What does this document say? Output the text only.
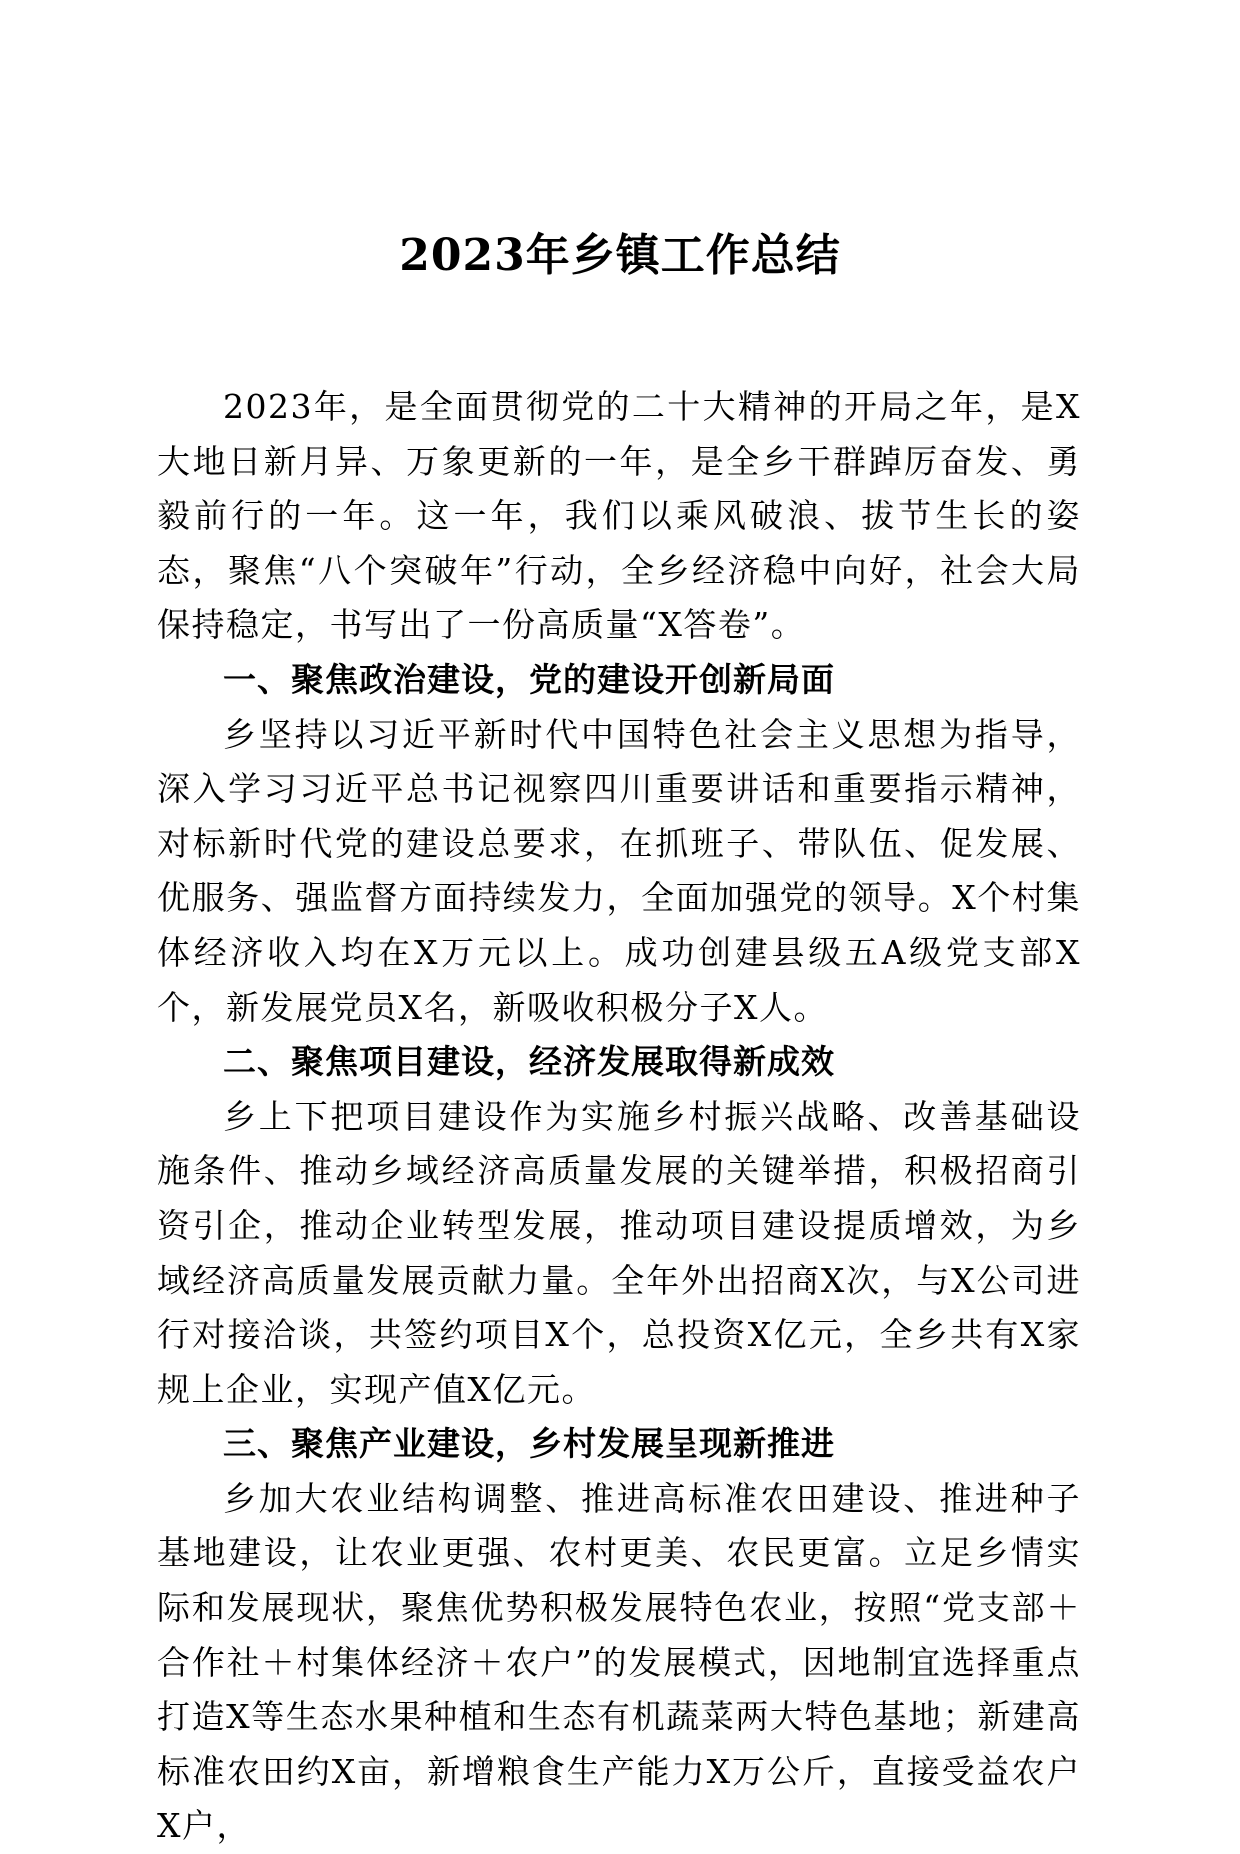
2023年乡镇工作总结

2023年，是全面贯彻党的二十大精神的开局之年，是X大地日新月异、万象更新的一年，是全乡干群踔厉奋发、勇毅前行的一年。这一年，我们以乘风破浪、拔节生长的姿态，聚焦“八个突破年”行动，全乡经济稳中向好，社会大局保持稳定，书写出了一份高质量“X答卷”。

一、聚焦政治建设，党的建设开创新局面

乡坚持以习近平新时代中国特色社会主义思想为指导，深入学习习近平总书记视察四川重要讲话和重要指示精神，对标新时代党的建设总要求，在抓班子、带队伍、促发展、优服务、强监督方面持续发力，全面加强党的领导。X个村集体经济收入均在X万元以上。成功创建县级五A级党支部X个，新发展党员X名，新吸收积极分子X人。

二、聚焦项目建设，经济发展取得新成效

乡上下把项目建设作为实施乡村振兴战略、改善基础设施条件、推动乡域经济高质量发展的关键举措，积极招商引资引企，推动企业转型发展，推动项目建设提质增效，为乡域经济高质量发展贡献力量。全年外出招商X次，与X公司进行对接洽谈，共签约项目X个，总投资X亿元，全乡共有X家规上企业，实现产值X亿元。

三、聚焦产业建设，乡村发展呈现新推进

乡加大农业结构调整、推进高标准农田建设、推进种子基地建设，让农业更强、农村更美、农民更富。立足乡情实际和发展现状，聚焦优势积极发展特色农业，按照“党支部＋合作社＋村集体经济＋农户”的发展模式，因地制宜选择重点打造X等生态水果种植和生态有机蔬菜两大特色基地；新建高标准农田约X亩，新增粮食生产能力X万公斤，直接受益农户X户，
